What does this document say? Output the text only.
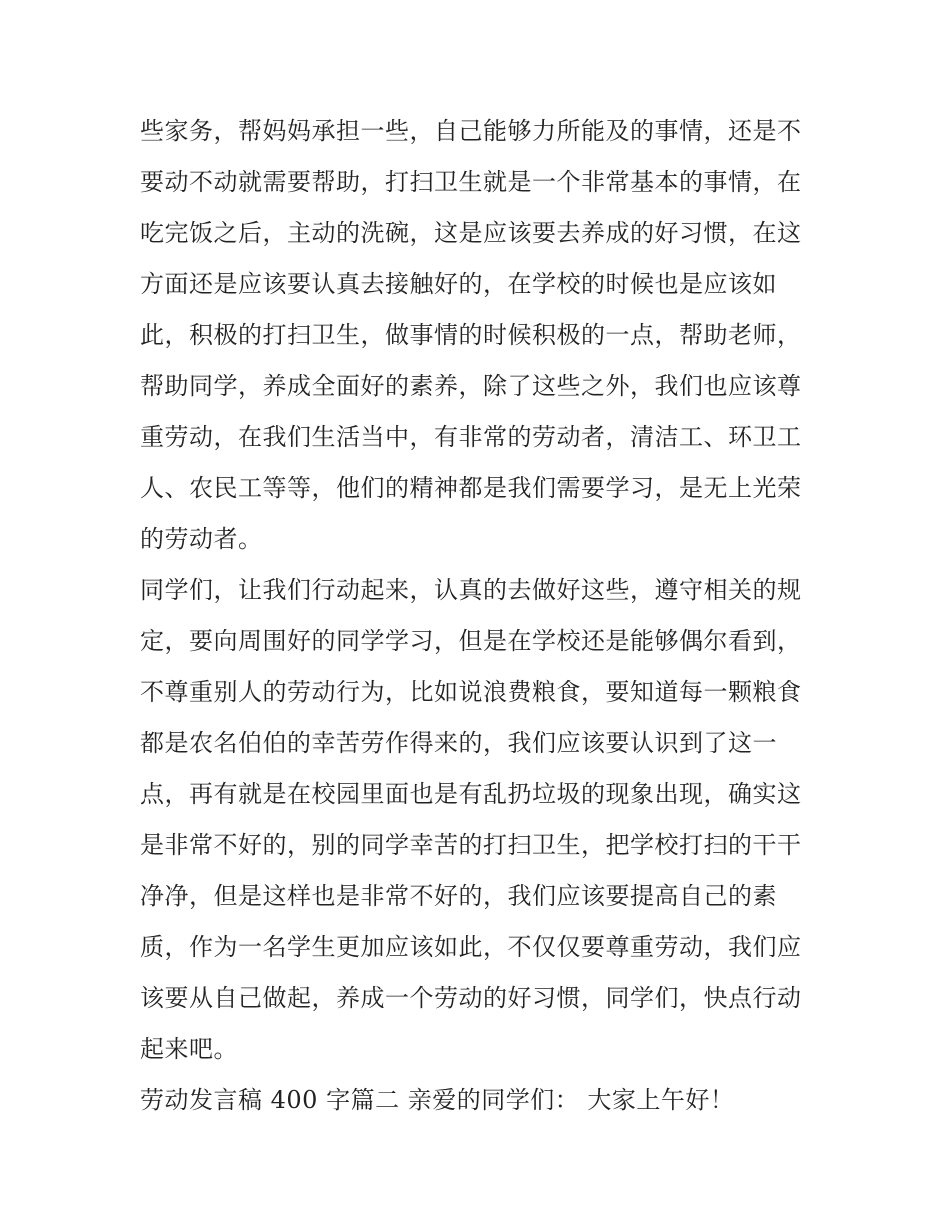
些家务，帮妈妈承担一些，自己能够力所能及的事情，还是不
要动不动就需要帮助，打扫卫生就是一个非常基本的事情，在
吃完饭之后，主动的洗碗，这是应该要去养成的好习惯，在这
方面还是应该要认真去接触好的，在学校的时候也是应该如
此，积极的打扫卫生，做事情的时候积极的一点，帮助老师，
帮助同学，养成全面好的素养，除了这些之外，我们也应该尊
重劳动，在我们生活当中，有非常的劳动者，清洁工、环卫工
人、农民工等等，他们的精神都是我们需要学习，是无上光荣
的劳动者。
同学们，让我们行动起来，认真的去做好这些，遵守相关的规
定，要向周围好的同学学习，但是在学校还是能够偶尔看到，
不尊重别人的劳动行为，比如说浪费粮食，要知道每一颗粮食
都是农名伯伯的幸苦劳作得来的，我们应该要认识到了这一
点，再有就是在校园里面也是有乱扔垃圾的现象出现，确实这
是非常不好的，别的同学幸苦的打扫卫生，把学校打扫的干干
净净，但是这样也是非常不好的，我们应该要提高自己的素
质，作为一名学生更加应该如此，不仅仅要尊重劳动，我们应
该要从自己做起，养成一个劳动的好习惯，同学们，快点行动
起来吧。
劳动发言稿 400 字篇二 亲爱的同学们： 大家上午好！
